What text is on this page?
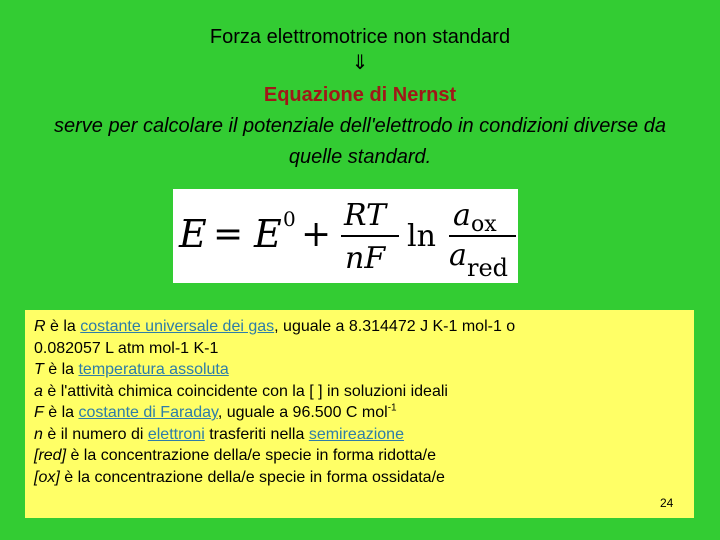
Forza elettromotrice non standard
⇓
Equazione di Nernst
serve per calcolare il potenziale dell'elettrodo in condizioni diverse da quelle standard.
E = E 0 + RT
nF
ln
a ox
a red
R è la costante universale dei gas, uguale a 8.314472 J K-1 mol-1 o
0.082057 L atm mol-1 K-1
T è la temperatura assoluta
a è l'attività chimica coincidente con la [ ] in soluzioni ideali
F è la costante di Faraday, uguale a 96.500 C mol$^{-1}$
n è il numero di elettroni trasferiti nella semireazione
[red] è la concentrazione della/e specie in forma ridotta/e
[ox] è la concentrazione della/e specie in forma ossidata/e
24
